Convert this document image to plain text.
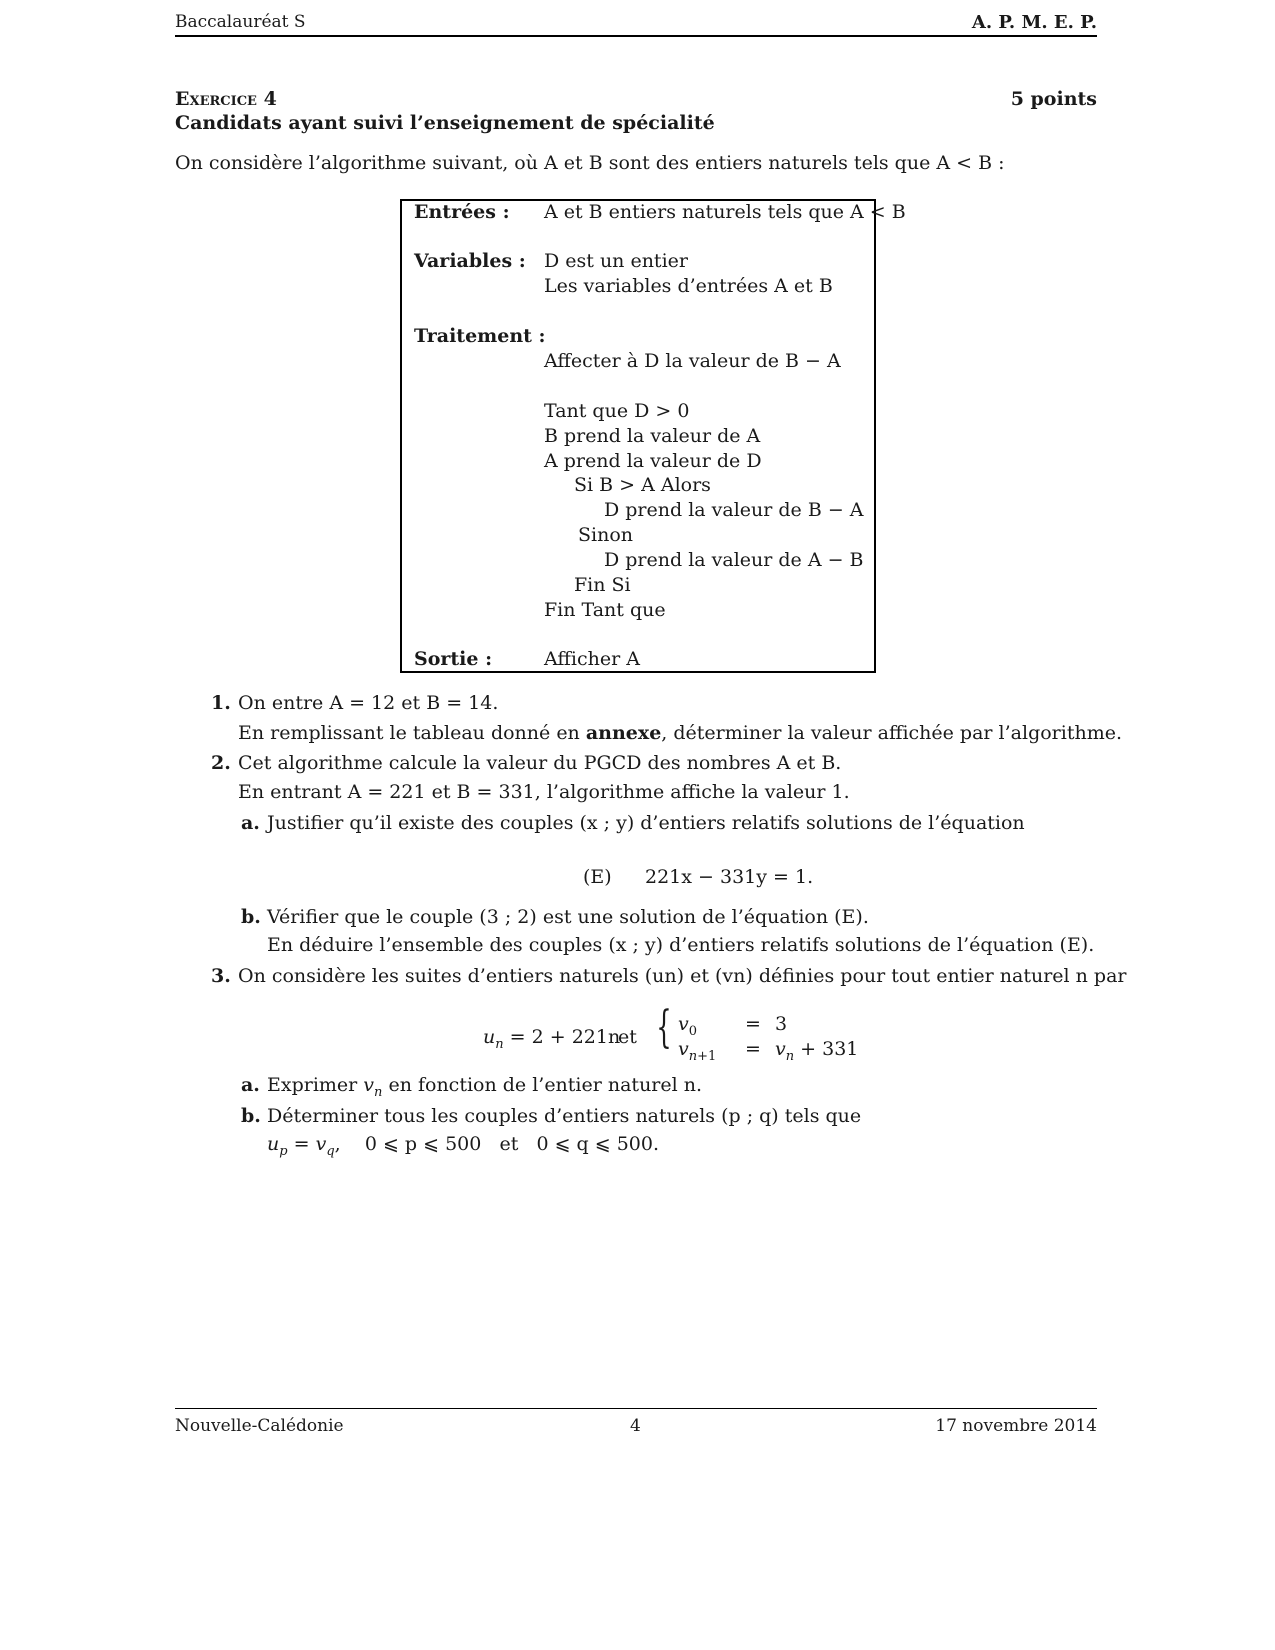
Baccalauréat S	A. P. M. E. P.
Exercice 4	5 points
Candidats ayant suivi l’enseignement de spécialité
On considère l’algorithme suivant, où A et B sont des entiers naturels tels que A < B :
Entrées : A et B entiers naturels tels que A < B
Variables : D est un entier
Les variables d’entrées A et B
Traitement :
Affecter à D la valeur de B − A
Tant que D > 0
B prend la valeur de A
A prend la valeur de D
Si B > A Alors
D prend la valeur de B − A
Sinon
D prend la valeur de A − B
Fin Si
Fin Tant que
Sortie :	Afficher A
1. On entre A = 12 et B = 14.
En remplissant le tableau donné en annexe, déterminer la valeur affichée par l’algorithme.
2. Cet algorithme calcule la valeur du PGCD des nombres A et B.
En entrant A = 221 et B = 331, l’algorithme affiche la valeur 1.
a. Justifier qu’il existe des couples (x ; y) d’entiers relatifs solutions de l’équation
(E) 221x − 331y = 1.
b. Vérifier que le couple (3 ; 2) est une solution de l’équation (E).
En déduire l’ensemble des couples (x ; y) d’entiers relatifs solutions de l’équation (E).
3. On considère les suites d’entiers naturels (un) et (vn) définies pour tout entier naturel n par
$u_n = 2 + 221n$
et { $v_0$	= 3
$v_{n+1} = v_n + 331$
a. Exprimer $v_n$ en fonction de l’entier naturel n.
b. Déterminer tous les couples d’entiers naturels (p ; q) tels que
$u_p = v_q$,    0 ⩽ p ⩽ 500   et   0 ⩽ q ⩽ 500.
Nouvelle-Calédonie	4	17 novembre 2014
